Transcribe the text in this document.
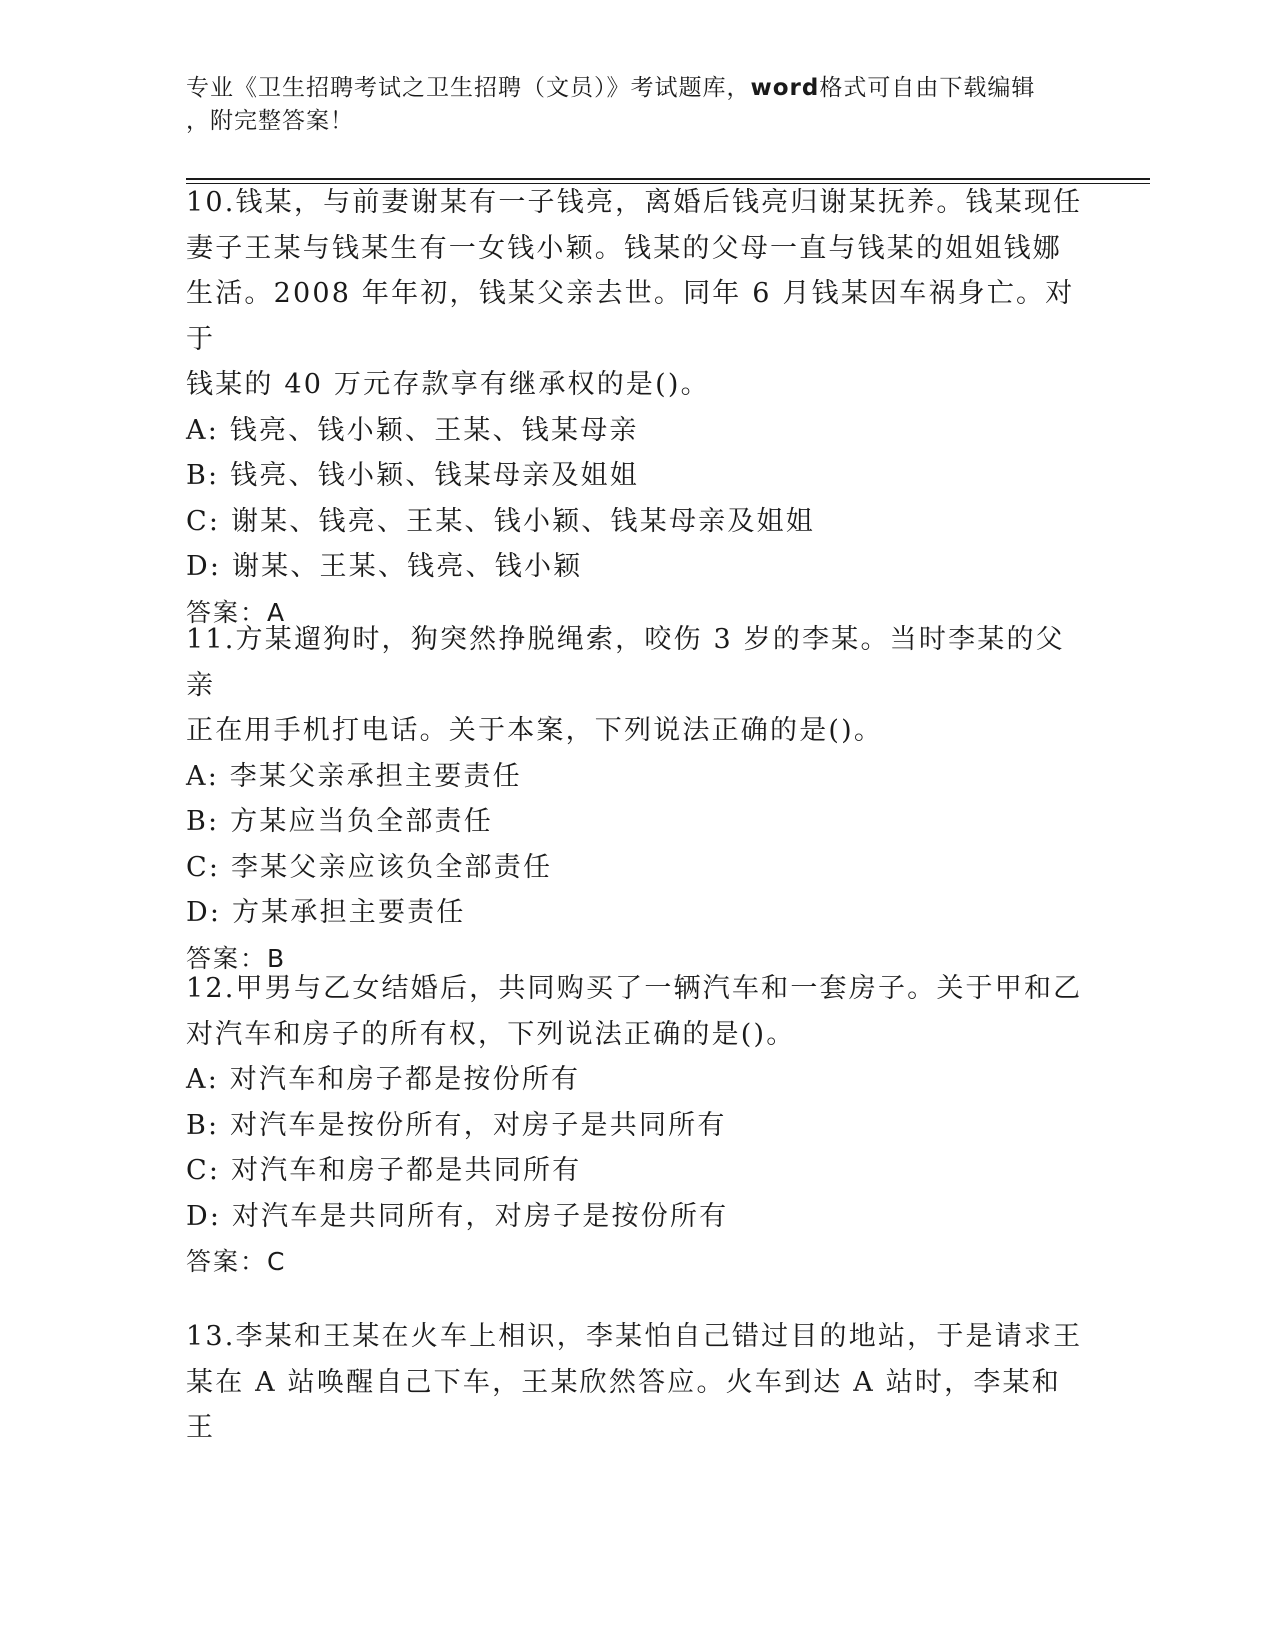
专业《卫生招聘考试之卫生招聘（文员）》考试题库，word格式可自由下载编辑
，附完整答案！

10.钱某，与前妻谢某有一子钱亮，离婚后钱亮归谢某抚养。钱某现任

妻子王某与钱某生有一女钱小颖。钱某的父母一直与钱某的姐姐钱娜

生活。2008 年年初，钱某父亲去世。同年 6 月钱某因车祸身亡。对于

钱某的 40 万元存款享有继承权的是()。

A: 钱亮、钱小颖、王某、钱某母亲

B: 钱亮、钱小颖、钱某母亲及姐姐

C: 谢某、钱亮、王某、钱小颖、钱某母亲及姐姐

D: 谢某、王某、钱亮、钱小颖

答案：A

11.方某遛狗时，狗突然挣脱绳索，咬伤 3 岁的李某。当时李某的父亲

正在用手机打电话。关于本案，下列说法正确的是()。

A: 李某父亲承担主要责任

B: 方某应当负全部责任

C: 李某父亲应该负全部责任

D: 方某承担主要责任

答案：B

12.甲男与乙女结婚后，共同购买了一辆汽车和一套房子。关于甲和乙

对汽车和房子的所有权，下列说法正确的是()。

A: 对汽车和房子都是按份所有

B: 对汽车是按份所有，对房子是共同所有

C: 对汽车和房子都是共同所有

D: 对汽车是共同所有，对房子是按份所有

答案：C

13.李某和王某在火车上相识，李某怕自己错过目的地站，于是请求王

某在 A 站唤醒自己下车，王某欣然答应。火车到达 A 站时，李某和王
